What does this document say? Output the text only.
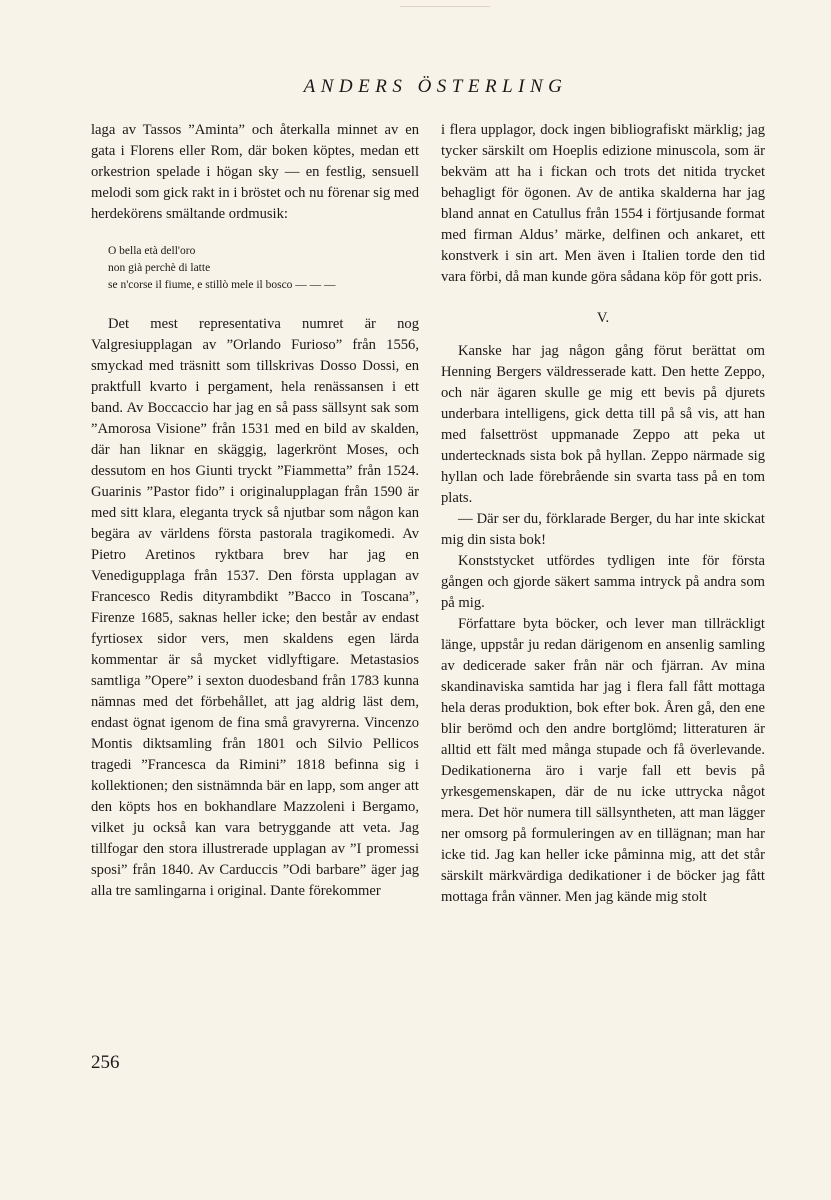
ANDERS ÖSTERLING

laga av Tassos ”Aminta” och återkalla minnet av en gata i Florens eller Rom, där boken köptes, medan ett orkestrion spelade i högan sky — en festlig, sensuell melodi som gick rakt in i bröstet och nu förenar sig med herdekörens smältande ordmusik:

O bella età dell'oro
non già perchè di latte
se n'corse il fiume, e stillò mele il bosco — — —

Det mest representativa numret är nog Valgresiupplagan av ”Orlando Furioso” från 1556, smyckad med träsnitt som tillskrivas Dosso Dossi, en praktfull kvarto i pergament, hela renässansen i ett band. Av Boccaccio har jag en så pass sällsynt sak som ”Amorosa Visione” från 1531 med en bild av skalden, där han liknar en skäggig, lagerkrönt Moses, och dessutom en hos Giunti tryckt ”Fiammetta” från 1524. Guarinis ”Pastor fido” i originalupplagan från 1590 är med sitt klara, eleganta tryck så njutbar som någon kan begära av världens första pastorala tragikomedi. Av Pietro Aretinos ryktbara brev har jag en Venedigupplaga från 1537. Den första upplagan av Francesco Redis dityrambdikt ”Bacco in Toscana”, Firenze 1685, saknas heller icke; den består av endast fyrtiosex sidor vers, men skaldens egen lärda kommentar är så mycket vidlyftigare. Metastasios samtliga ”Opere” i sexton duodesband från 1783 kunna nämnas med det förbehållet, att jag aldrig läst dem, endast ögnat igenom de fina små gravyrerna. Vincenzo Montis diktsamling från 1801 och Silvio Pellicos tragedi ”Francesca da Rimini” 1818 befinna sig i kollektionen; den sistnämnda bär en lapp, som anger att den köpts hos en bokhandlare Mazzoleni i Bergamo, vilket ju också kan vara betryggande att veta. Jag tillfogar den stora illustrerade upplagan av ”I promessi sposi” från 1840. Av Carduccis ”Odi barbare” äger jag alla tre samlingarna i original. Dante förekommer

i flera upplagor, dock ingen bibliografiskt märklig; jag tycker särskilt om Hoeplis edizione minuscola, som är bekväm att ha i fickan och trots det nitida trycket behagligt för ögonen. Av de antika skalderna har jag bland annat en Catullus från 1554 i förtjusande format med firman Aldus’ märke, delfinen och ankaret, ett konstverk i sin art. Men även i Italien torde den tid vara förbi, då man kunde göra sådana köp för gott pris.

V.

Kanske har jag någon gång förut berättat om Henning Bergers väldresserade katt. Den hette Zeppo, och när ägaren skulle ge mig ett bevis på djurets underbara intelligens, gick detta till på så vis, att han med falsettröst uppmanade Zeppo att peka ut undertecknads sista bok på hyllan. Zeppo närmade sig hyllan och lade förebrående sin svarta tass på en tom plats.

— Där ser du, förklarade Berger, du har inte skickat mig din sista bok!

Konststycket utfördes tydligen inte för första gången och gjorde säkert samma intryck på andra som på mig.

Författare byta böcker, och lever man tillräckligt länge, uppstår ju redan därigenom en ansenlig samling av dedicerade saker från när och fjärran. Av mina skandinaviska samtida har jag i flera fall fått mottaga hela deras produktion, bok efter bok. Åren gå, den ene blir berömd och den andre bortglömd; litteraturen är alltid ett fält med många stupade och få överlevande. Dedikationerna äro i varje fall ett bevis på yrkesgemenskapen, där de nu icke uttrycka något mera. Det hör numera till sällsyntheten, att man lägger ner omsorg på formuleringen av en tillägnan; man har icke tid. Jag kan heller icke påminna mig, att det står särskilt märkvärdiga dedikationer i de böcker jag fått mottaga från vänner. Men jag kände mig stolt

256
